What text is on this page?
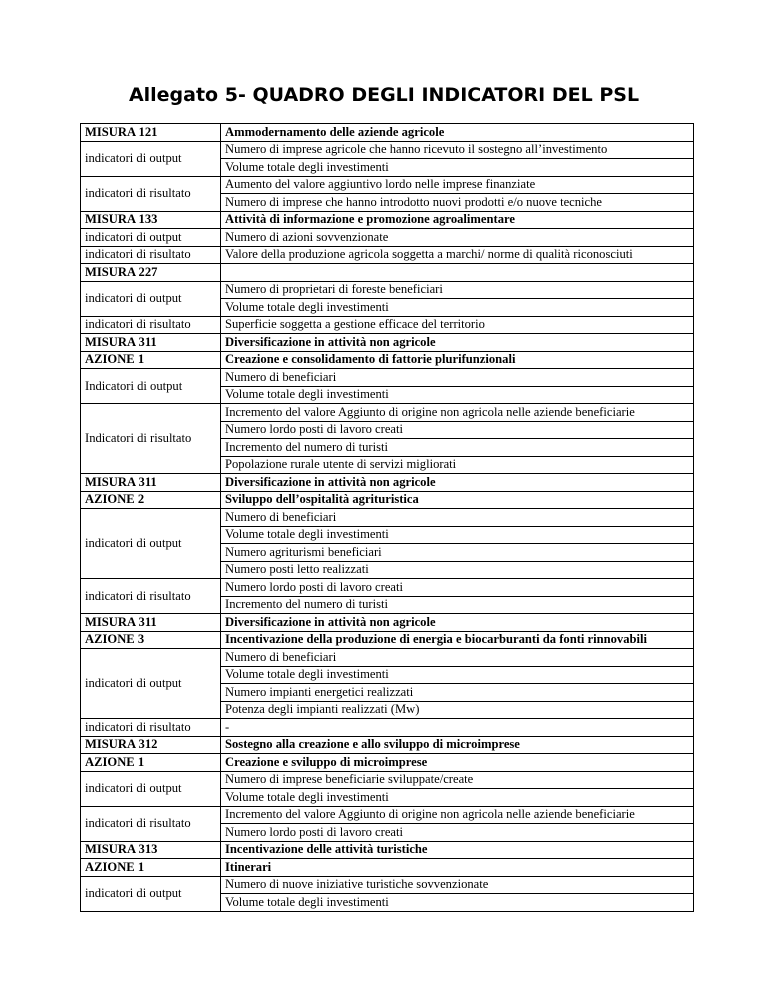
Allegato 5- QUADRO DEGLI INDICATORI DEL PSL
MISURA 121	Ammodernamento delle aziende agricole
indicatori di output	Numero di imprese agricole che hanno ricevuto il sostegno all’investimento
	Volume totale degli investimenti
indicatori di risultato	Aumento del valore aggiuntivo lordo nelle imprese finanziate
	Numero di imprese che hanno introdotto nuovi prodotti e/o nuove tecniche
MISURA 133	Attività di informazione e promozione agroalimentare
indicatori di output	Numero di azioni sovvenzionate
indicatori di risultato	Valore della produzione agricola soggetta a marchi/ norme di qualità riconosciuti
MISURA 227	
indicatori di output	Numero di proprietari di foreste beneficiari
	Volume totale degli investimenti
indicatori di risultato	Superficie soggetta a gestione efficace del territorio
MISURA 311	Diversificazione in attività non agricole
AZIONE 1	Creazione e consolidamento di fattorie plurifunzionali
Indicatori di output	Numero di beneficiari
	Volume totale degli investimenti
Indicatori di risultato	Incremento del valore Aggiunto di origine non agricola nelle aziende beneficiarie
	Numero lordo posti di lavoro creati
	Incremento del numero di turisti
	Popolazione rurale utente di servizi migliorati
MISURA 311	Diversificazione in attività non agricole
AZIONE 2	Sviluppo dell’ospitalità agrituristica
indicatori di output	Numero di beneficiari
	Volume totale degli investimenti
	Numero agriturismi beneficiari
	Numero posti letto realizzati
indicatori di risultato	Numero lordo posti di lavoro creati
	Incremento del numero di turisti
MISURA 311	Diversificazione in attività non agricole
AZIONE 3	Incentivazione della produzione di energia e biocarburanti da fonti rinnovabili
indicatori di output	Numero di beneficiari
	Volume totale degli investimenti
	Numero impianti energetici realizzati
	Potenza degli impianti realizzati (Mw)
indicatori di risultato	-
MISURA 312	Sostegno alla creazione e allo sviluppo di microimprese
AZIONE 1	Creazione e sviluppo di microimprese
indicatori di output	Numero di imprese beneficiarie sviluppate/create
	Volume totale degli investimenti
indicatori di risultato	Incremento del valore Aggiunto di origine non agricola nelle aziende beneficiarie
	Numero lordo posti di lavoro creati
MISURA 313	Incentivazione delle attività turistiche
AZIONE 1	Itinerari
indicatori di output	Numero di nuove iniziative turistiche sovvenzionate
	Volume totale degli investimenti
